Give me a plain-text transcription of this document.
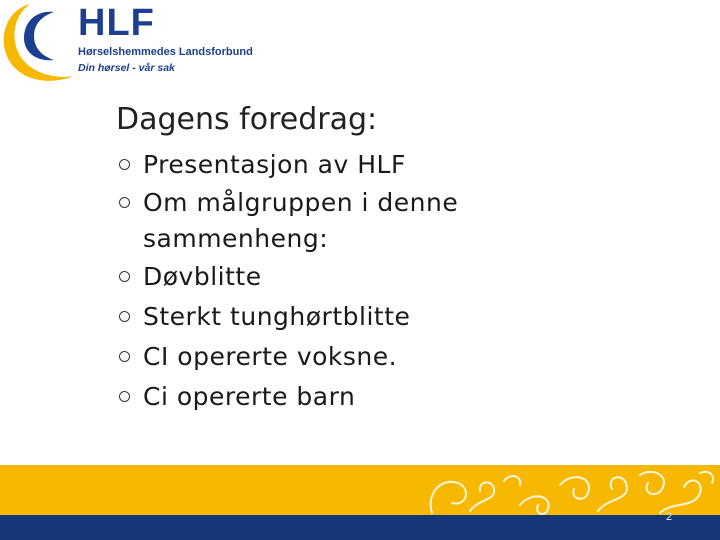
HLF
Hørselshemmedes Landsforbund
Din hørsel - vår sak
Dagens foredrag:
Presentasjon av HLF
Om målgruppen i denne sammenheng:
Døvblitte
Sterkt tunghørtblitte
CI opererte voksne.
Ci opererte barn
2
